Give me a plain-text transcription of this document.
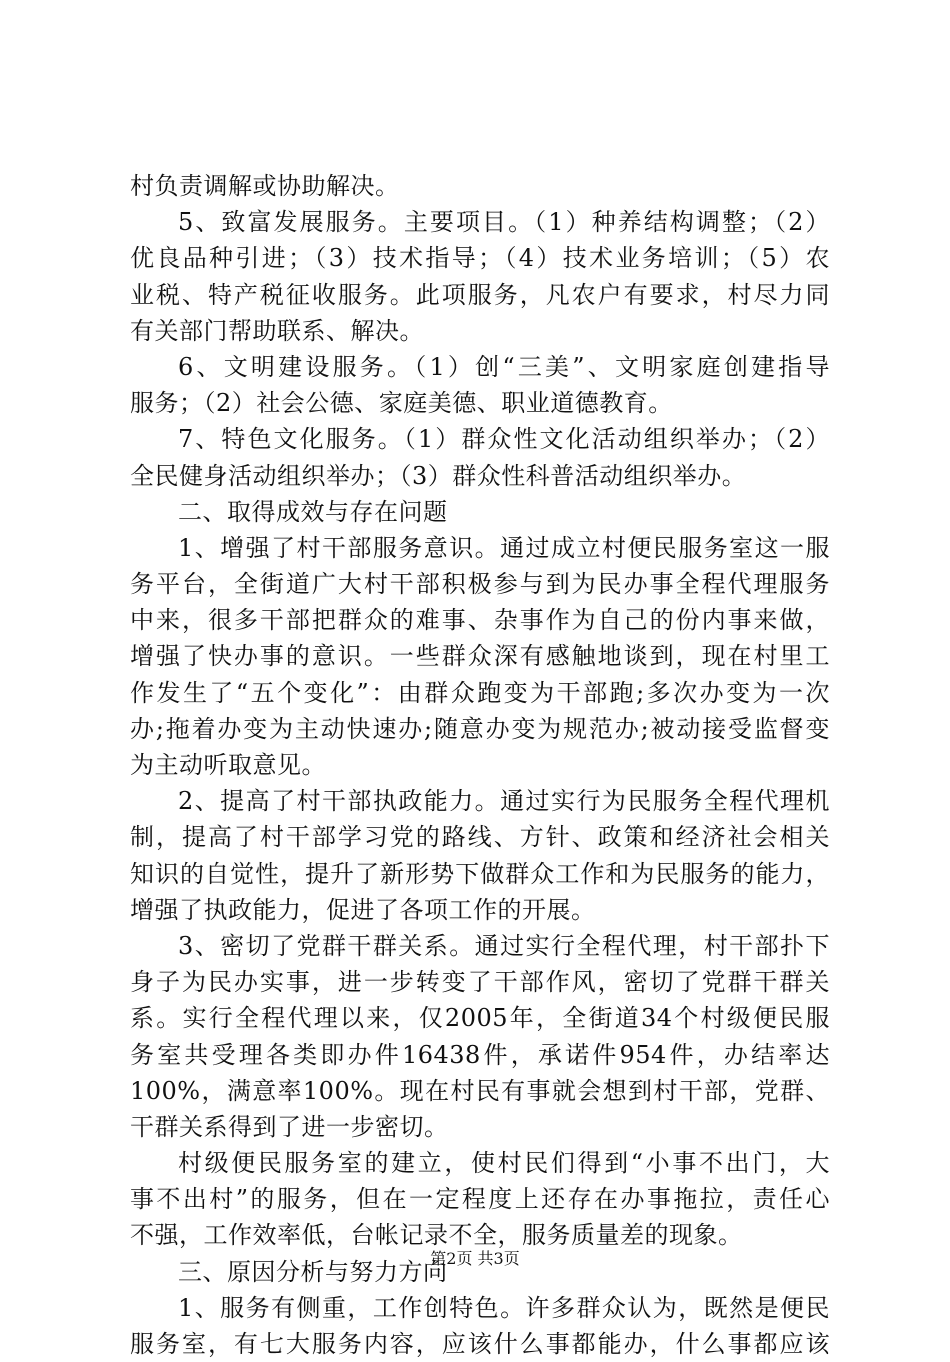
村负责调解或协助解决。
5、致富发展服务。主要项目。（1）种养结构调整；（2）
优良品种引进；（3）技术指导；（4）技术业务培训；（5）农
业税、特产税征收服务。此项服务，凡农户有要求，村尽力同
有关部门帮助联系、解决。
6、文明建设服务。（1）创“三美”、文明家庭创建指导
服务；（2）社会公德、家庭美德、职业道德教育。
7、特色文化服务。（1）群众性文化活动组织举办；（2）
全民健身活动组织举办；（3）群众性科普活动组织举办。
二、取得成效与存在问题
1、增强了村干部服务意识。通过成立村便民服务室这一服
务平台，全街道广大村干部积极参与到为民办事全程代理服务
中来，很多干部把群众的难事、杂事作为自己的份内事来做，
增强了快办事的意识。一些群众深有感触地谈到，现在村里工
作发生了“五个变化”：由群众跑变为干部跑;多次办变为一次
办;拖着办变为主动快速办;随意办变为规范办;被动接受监督变
为主动听取意见。
2、提高了村干部执政能力。通过实行为民服务全程代理机
制，提高了村干部学习党的路线、方针、政策和经济社会相关
知识的自觉性，提升了新形势下做群众工作和为民服务的能力，
增强了执政能力，促进了各项工作的开展。
3、密切了党群干群关系。通过实行全程代理，村干部扑下
身子为民办实事，进一步转变了干部作风，密切了党群干群关
系。实行全程代理以来，仅2005年，全街道34个村级便民服
务室共受理各类即办件16438件，承诺件954件，办结率达
100%，满意率100%。现在村民有事就会想到村干部，党群、
干群关系得到了进一步密切。
村级便民服务室的建立，使村民们得到“小事不出门，大
事不出村”的服务，但在一定程度上还存在办事拖拉，责任心
不强，工作效率低，台帐记录不全，服务质量差的现象。
三、原因分析与努力方向
1、服务有侧重，工作创特色。许多群众认为，既然是便民
服务室，有七大服务内容，应该什么事都能办，什么事都应该
第2页 共3页
